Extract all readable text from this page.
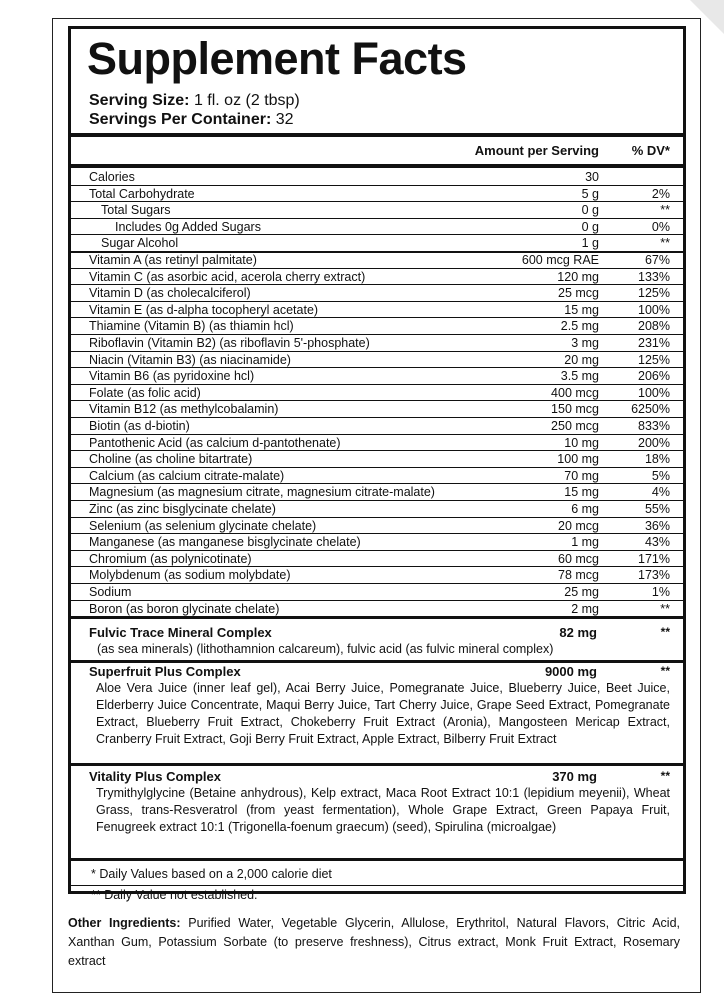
Supplement Facts
Serving Size: 1 fl. oz (2 tbsp)
Servings Per Container: 32
Amount per Serving	% DV*
Calories	30
Total Carbohydrate	5 g	2%
Total Sugars	0 g	**
Includes 0g Added Sugars	0 g	0%
Sugar Alcohol	1 g	**
Vitamin A (as retinyl palmitate)	600 mcg RAE	67%
Vitamin C (as asorbic acid, acerola cherry extract)	120 mg	133%
Vitamin D (as cholecalciferol)	25 mcg	125%
Vitamin E (as d-alpha tocopheryl acetate)	15 mg	100%
Thiamine (Vitamin B) (as thiamin hcl)	2.5 mg	208%
Riboflavin (Vitamin B2) (as riboflavin 5'-phosphate)	3 mg	231%
Niacin (Vitamin B3) (as niacinamide)	20 mg	125%
Vitamin B6 (as pyridoxine hcl)	3.5 mg	206%
Folate (as folic acid)	400 mcg	100%
Vitamin B12 (as methylcobalamin)	150 mcg	6250%
Biotin (as d-biotin)	250 mcg	833%
Pantothenic Acid (as calcium d-pantothenate)	10 mg	200%
Choline (as choline bitartrate)	100 mg	18%
Calcium (as calcium citrate-malate)	70 mg	5%
Magnesium (as magnesium citrate, magnesium citrate-malate)	15 mg	4%
Zinc (as zinc bisglycinate chelate)	6 mg	55%
Selenium (as selenium glycinate chelate)	20 mcg	36%
Manganese (as manganese bisglycinate chelate)	1 mg	43%
Chromium (as polynicotinate)	60 mcg	171%
Molybdenum (as sodium molybdate)	78 mcg	173%
Sodium	25 mg	1%
Boron (as boron glycinate chelate)	2 mg	**
Fulvic Trace Mineral Complex	82 mg	**
(as sea minerals) (lithothamnion calcareum), fulvic acid (as fulvic mineral complex)
Superfruit Plus Complex	9000 mg	**
Aloe Vera Juice (inner leaf gel), Acai Berry Juice, Pomegranate Juice, Blueberry Juice, Beet Juice, Elderberry Juice Concentrate, Maqui Berry Juice, Tart Cherry Juice, Grape Seed Extract, Pomegranate Extract, Blueberry Fruit Extract, Chokeberry Fruit Extract (Aronia), Mangosteen Mericap Extract, Cranberry Fruit Extract, Goji Berry Fruit Extract, Apple Extract, Bilberry Fruit Extract
Vitality Plus Complex	370 mg	**
Trymithylglycine (Betaine anhydrous), Kelp extract, Maca Root Extract 10:1 (lepidium meyenii), Wheat Grass, trans-Resveratrol (from yeast fermentation), Whole Grape Extract, Green Papaya Fruit, Fenugreek extract 10:1 (Trigonella-foenum graecum) (seed), Spirulina (microalgae)
* Daily Values based on a 2,000 calorie diet
** Daily Value not established.
Other Ingredients: Purified Water, Vegetable Glycerin, Allulose, Erythritol, Natural Flavors, Citric Acid, Xanthan Gum, Potassium Sorbate (to preserve freshness), Citrus extract, Monk Fruit Extract, Rosemary extract
